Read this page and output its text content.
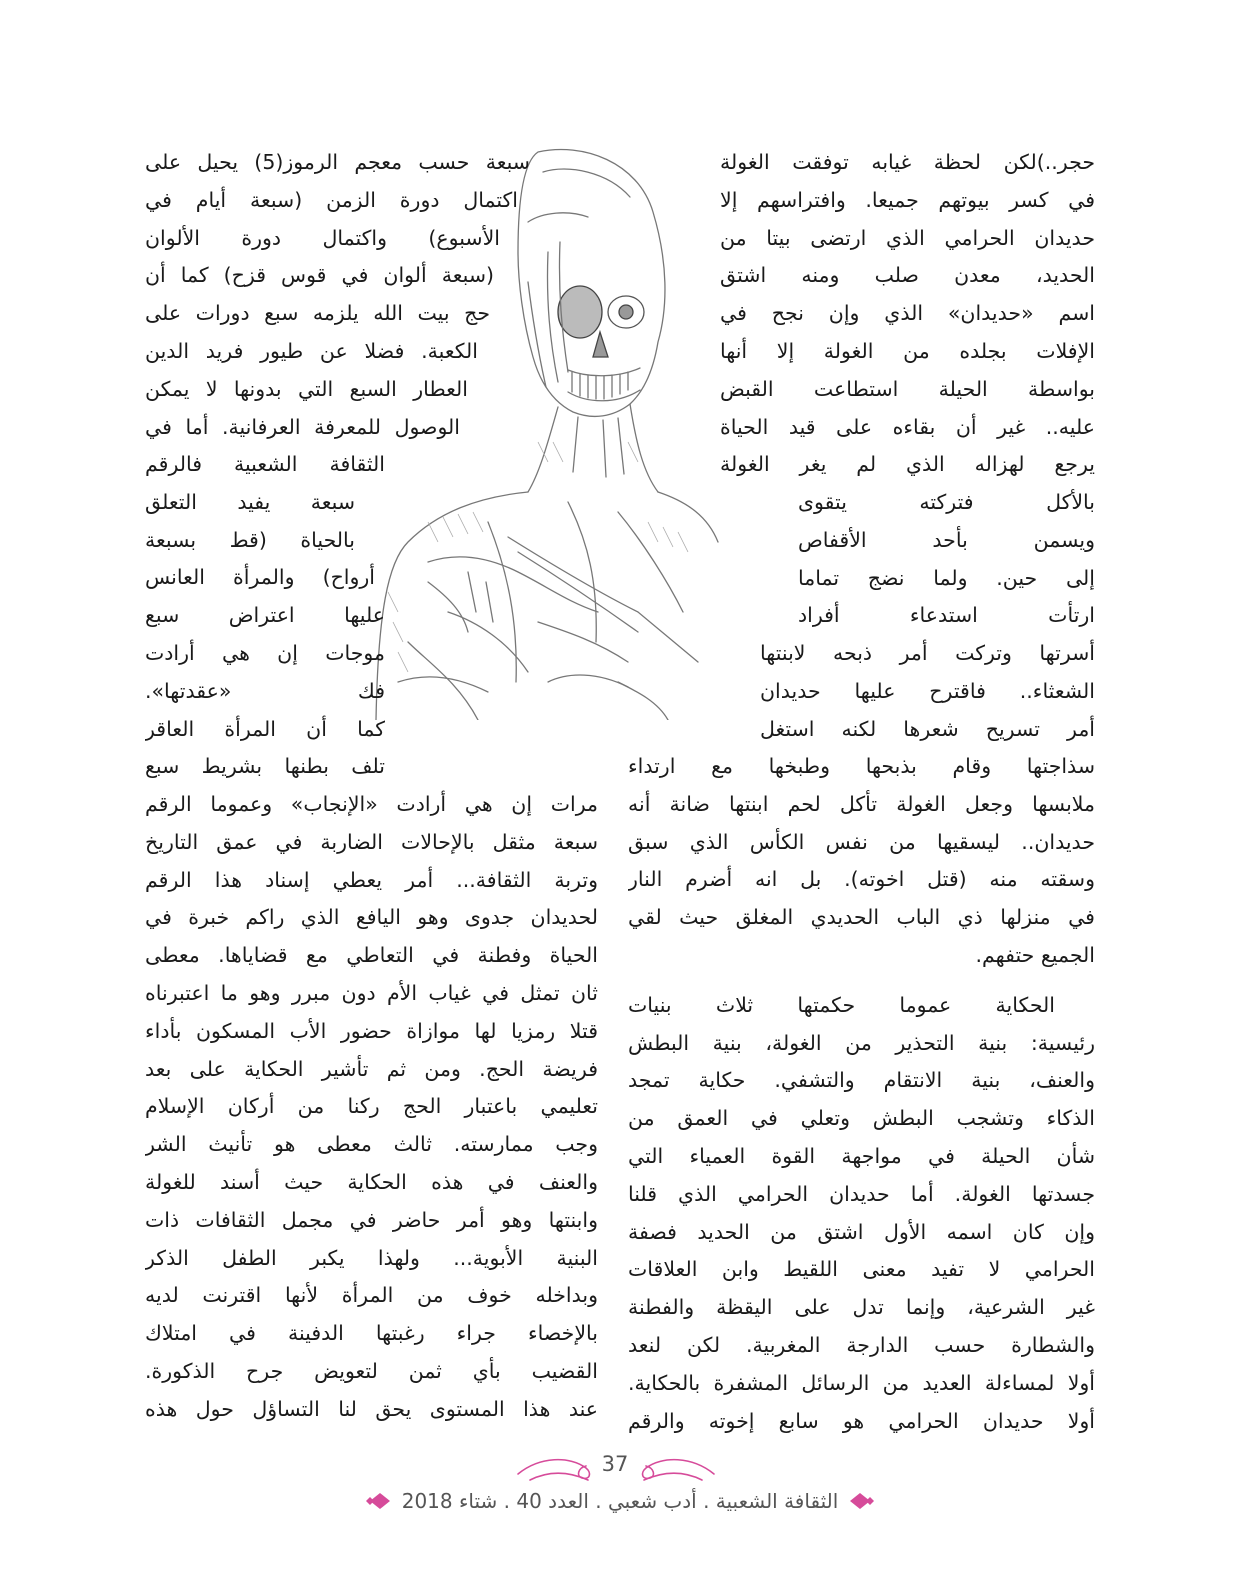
حجر..)لكن لحظة غيابه توفقت الغولة
في كسر بيوتهم جميعا. وافتراسهم إلا
حديدان الحرامي الذي ارتضى بيتا من
الحديد، معدن صلب ومنه اشتق
اسم «حديدان» الذي وإن نجح في
الإفلات بجلده من الغولة إلا أنها
بواسطة الحيلة استطاعت القبض
عليه.. غير أن بقاءه على قيد الحياة
يرجع لهزاله الذي لم يغر الغولة
بالأكل فتركته يتقوى
ويسمن بأحد الأقفاص
إلى حين. ولما نضج تماما
ارتأت استدعاء أفراد
أسرتها وتركت أمر ذبحه لابنتها
الشعثاء.. فاقترح عليها حديدان
أمر تسريح شعرها لكنه استغل
سذاجتها وقام بذبحها وطبخها مع ارتداء
ملابسها وجعل الغولة تأكل لحم ابنتها ضانة أنه
حديدان.. ليسقيها من نفس الكأس الذي سبق
وسقته منه (قتل اخوته). بل انه أضرم النار
في منزلها ذي الباب الحديدي المغلق حيث لقي
الجميع حتفهم.
الحكاية عموما حكمتها ثلاث بنيات
رئيسية: بنية التحذير من الغولة، بنية البطش
والعنف، بنية الانتقام والتشفي. حكاية تمجد
الذكاء وتشجب البطش وتعلي في العمق من
شأن الحيلة في مواجهة القوة العمياء التي
جسدتها الغولة. أما حديدان الحرامي الذي قلنا
وإن كان اسمه الأول اشتق من الحديد فصفة
الحرامي لا تفيد معنى اللقيط وابن العلاقات
غير الشرعية، وإنما تدل على اليقظة والفطنة
والشطارة حسب الدارجة المغربية. لكن لنعد
أولا لمساءلة العديد من الرسائل المشفرة بالحكاية.
أولا حديدان الحرامي هو سابع إخوته والرقم
سبعة حسب معجم الرموز(5) يحيل على
اكتمال دورة الزمن (سبعة أيام في
الأسبوع) واكتمال دورة الألوان
(سبعة ألوان في قوس قزح) كما أن
حج بيت الله يلزمه سبع دورات على
الكعبة. فضلا عن طيور فريد الدين
العطار السبع التي بدونها لا يمكن
الوصول للمعرفة العرفانية. أما في
الثقافة الشعبية فالرقم
سبعة يفيد التعلق
بالحياة (قط بسبعة
أرواح) والمرأة العانس
عليها اعتراض سبع
موجات إن هي أرادت
فك «عقدتها».
كما أن المرأة العاقر
تلف بطنها بشريط سبع
مرات إن هي أرادت «الإنجاب» وعموما الرقم
سبعة مثقل بالإحالات الضاربة في عمق التاريخ
وتربة الثقافة... أمر يعطي إسناد هذا الرقم
لحديدان جدوى وهو اليافع الذي راكم خبرة في
الحياة وفطنة في التعاطي مع قضاياها. معطى
ثان تمثل في غياب الأم دون مبرر وهو ما اعتبرناه
قتلا رمزيا لها موازاة حضور الأب المسكون بأداء
فريضة الحج. ومن ثم تأشير الحكاية على بعد
تعليمي باعتبار الحج ركنا من أركان الإسلام
وجب ممارسته. ثالث معطى هو تأنيث الشر
والعنف في هذه الحكاية حيث أسند للغولة
وابنتها وهو أمر حاضر في مجمل الثقافات ذات
البنية الأبوية... ولهذا يكبر الطفل الذكر
وبداخله خوف من المرأة لأنها اقترنت لديه
بالإخصاء جراء رغبتها الدفينة في امتلاك
القضيب بأي ثمن لتعويض جرح الذكورة.
عند هذا المستوى يحق لنا التساؤل حول هذه
37
الثقافة الشعبية . أدب شعبي . العدد 40 . شتاء 2018
